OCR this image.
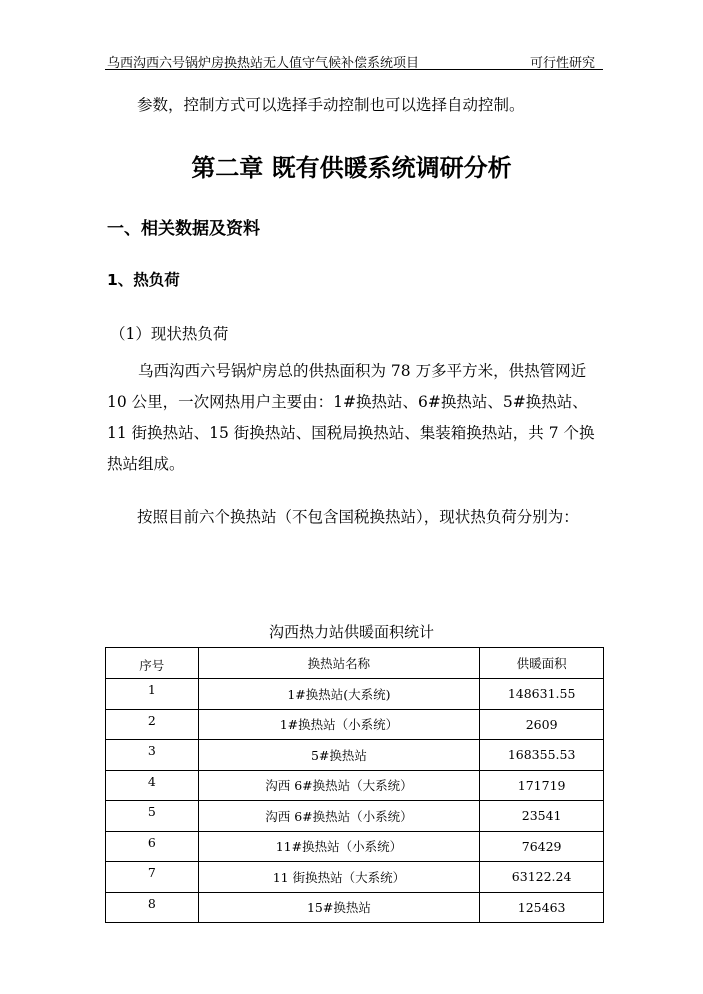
乌西沟西六号锅炉房换热站无人值守气候补偿系统项目	可行性研究
参数，控制方式可以选择手动控制也可以选择自动控制。
第二章 既有供暖系统调研分析
一、相关数据及资料
1、热负荷
（1）现状热负荷
乌西沟西六号锅炉房总的供热面积为 78 万多平方米，供热管网近 10 公里，一次网热用户主要由：1#换热站、6#换热站、5#换热站、11 街换热站、15 街换热站、国税局换热站、集装箱换热站，共 7 个换热站组成。
按照目前六个换热站（不包含国税换热站），现状热负荷分别为：
沟西热力站供暖面积统计
序号	换热站名称	供暖面积
1	1#换热站(大系统)	148631.55
2	1#换热站（小系统）	2609
3	5#换热站	168355.53
4	沟西 6#换热站（大系统）	171719
5	沟西 6#换热站（小系统）	23541
6	11#换热站（小系统）	76429
7	11 街换热站（大系统）	63122.24
8	15#换热站	125463
